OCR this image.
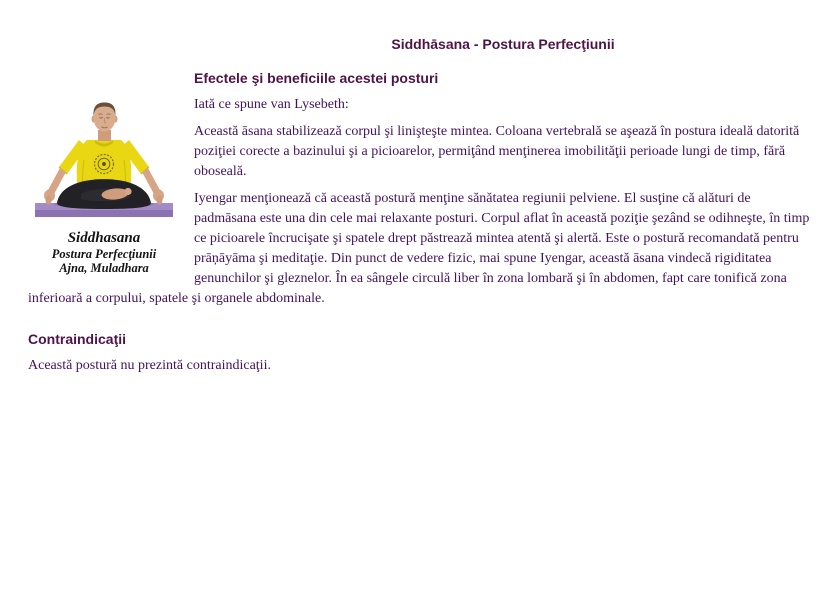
Siddhasana
Postura Perfecţiunii
Ajna, Muladhara
Siddhāsana - Postura Perfecţiunii
Efectele şi beneficiile acestei posturi

Iată ce spune van Lysebeth:

Această āsana stabilizează corpul şi linişteşte mintea. Coloana vertebrală se aşează în postura ideală datorită poziţiei corecte a bazinului şi a picioarelor, permiţând menţinerea imobilităţii perioade lungi de timp, fără oboseală.

Iyengar menţionează că această postură menţine sănătatea regiunii pelviene. El susţine că alături de padmāsana este una din cele mai relaxante posturi. Corpul aflat în această poziţie şezând se odihneşte, în timp ce picioarele încrucişate şi spatele drept păstrează mintea atentă şi alertă. Este o postură recomandată pentru prāņāyāma şi meditaţie. Din punct de vedere fizic, mai spune Iyengar, această āsana vindecă rigiditatea genunchilor şi gleznelor. În ea sângele circulă liber în zona lombară şi în abdomen, fapt care tonifică zona inferioară a corpului, spatele şi organele abdominale.

Contraindicaţii

Această postură nu prezintă contraindicaţii.
